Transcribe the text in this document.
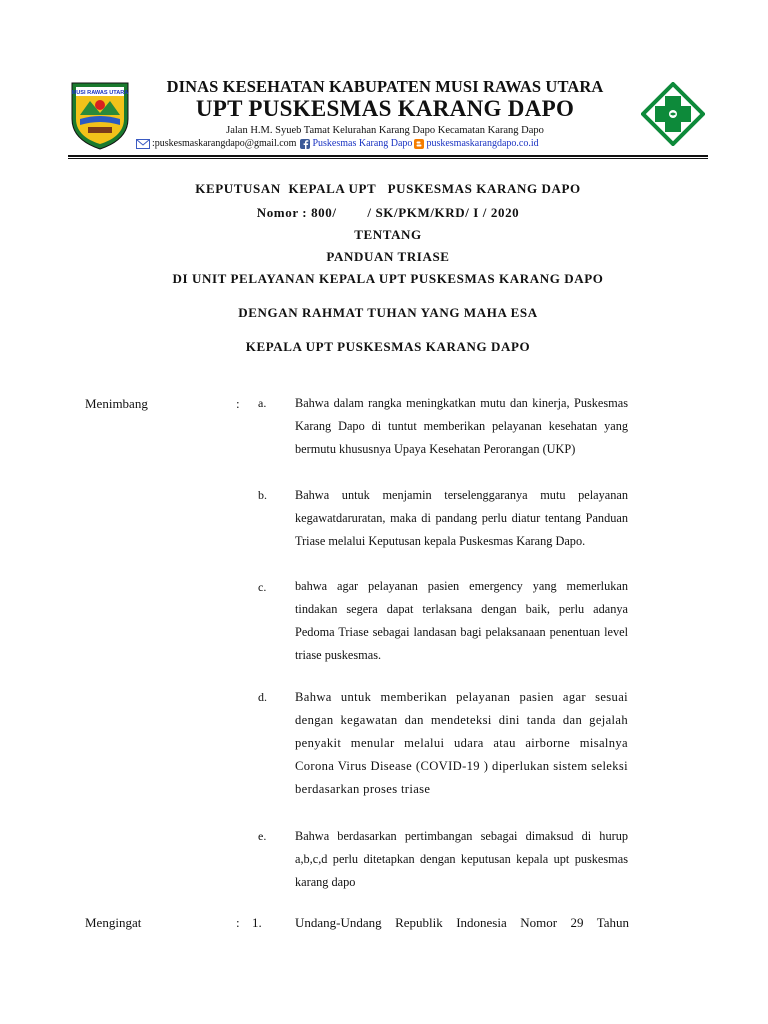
MUSI RAWAS UTARA	DINAS KESEHATAN KABUPATEN MUSI RAWAS UTARA
UPT PUSKESMAS KARANG DAPO
Jalan H.M. Syueb Tamat Kelurahan Karang Dapo Kecamatan Karang Dapo
:puskesmaskarangdapo@gmail.com Puskesmas Karang Dapo puskesmaskarangdapo.co.id
KEPUTUSAN  KEPALA UPT   PUSKESMAS KARANG DAPO
Nomor : 800/        / SK/PKM/KRD/ I / 2020
TENTANG
PANDUAN TRIASE
DI UNIT PELAYANAN KEPALA UPT PUSKESMAS KARANG DAPO
DENGAN RAHMAT TUHAN YANG MAHA ESA
KEPALA UPT PUSKESMAS KARANG DAPO
Menimbang	: a. Bahwa dalam rangka meningkatkan mutu dan kinerja, Puskesmas Karang Dapo di tuntut memberikan pelayanan kesehatan yang bermutu khususnya Upaya Kesehatan Perorangan (UKP)
b. Bahwa untuk menjamin terselenggaranya mutu pelayanan kegawatdaruratan, maka di pandang perlu diatur tentang Panduan Triase melalui Keputusan kepala Puskesmas Karang Dapo.
c. bahwa agar pelayanan pasien emergency yang memerlukan tindakan segera dapat terlaksana dengan baik, perlu adanya Pedoma Triase sebagai landasan bagi pelaksanaan penentuan level triase puskesmas.
d. Bahwa untuk memberikan pelayanan pasien agar sesuai dengan kegawatan dan mendeteksi dini tanda dan gejalah penyakit menular melalui udara atau airborne misalnya Corona Virus Disease (COVID-19 ) diperlukan sistem seleksi berdasarkan proses triase
e. Bahwa berdasarkan pertimbangan sebagai dimaksud di hurup a,b,c,d perlu ditetapkan dengan keputusan kepala upt puskesmas karang dapo
Mengingat	: 1.	Undang-Undang Republik Indonesia Nomor 29 Tahun
